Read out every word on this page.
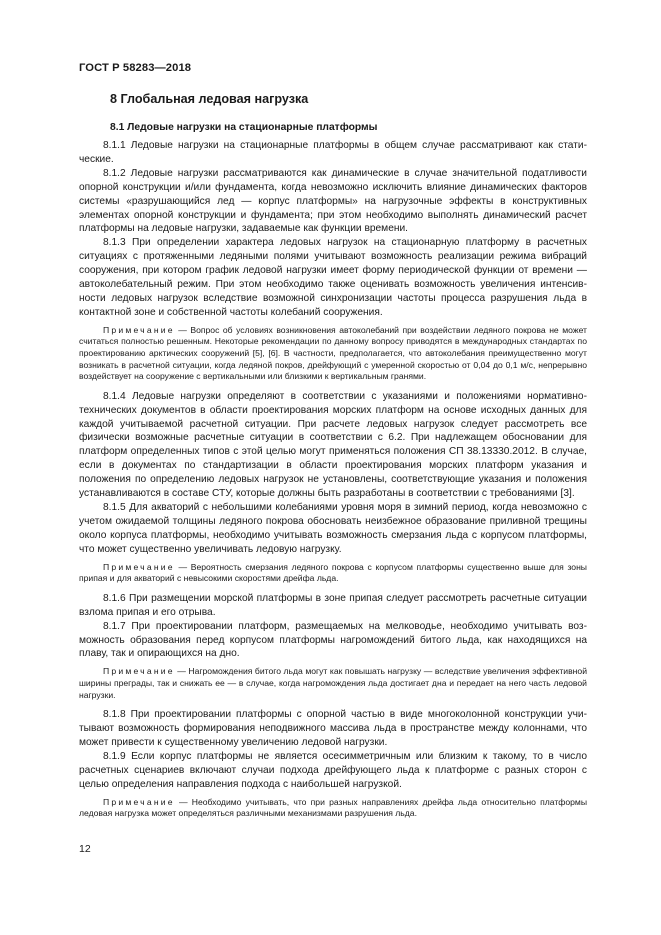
ГОСТ Р 58283—2018
8 Глобальная ледовая нагрузка
8.1 Ледовые нагрузки на стационарные платформы

8.1.1 Ледовые нагрузки на стационарные платформы в общем случае рассматривают как статические.

8.1.2 Ледовые нагрузки рассматриваются как динамические в случае значительной податливости опорной конструкции и/или фундамента, когда невозможно исключить влияние динамических факторов системы «разрушающийся лед — корпус платформы» на нагрузочные эффекты в конструктивных элементах опорной конструкции и фундамента; при этом необходимо выполнять динамический расчет платформы на ледовые нагрузки, задаваемые как функции времени.

8.1.3 При определении характера ледовых нагрузок на стационарную платформу в расчетных ситуациях с протяженными ледяными полями учитывают возможность реализации режима вибраций сооружения, при котором график ледовой нагрузки имеет форму периодической функции от времени — автоколебательный режим. При этом необходимо также оценивать возможность увеличения интенсивности ледовых нагрузок вследствие возможной синхронизации частоты процесса разрушения льда в контактной зоне и собственной частоты колебаний сооружения.

Примечание — Вопрос об условиях возникновения автоколебаний при воздействии ледяного покрова не может считаться полностью решенным. Некоторые рекомендации по данному вопросу приводятся в международных стандартах по проектированию арктических сооружений [5], [6]. В частности, предполагается, что автоколебания преимущественно могут возникать в расчетной ситуации, когда ледяной покров, дрейфующий с умеренной скоростью от 0,04 до 0,1 м/с, непрерывно воздействует на сооружение с вертикальными или близкими к вертикальным гранями.

8.1.4 Ледовые нагрузки определяют в соответствии с указаниями и положениями нормативно-технических документов в области проектирования морских платформ на основе исходных данных для каждой учитываемой расчетной ситуации. При расчете ледовых нагрузок следует рассмотреть все физически возможные расчетные ситуации в соответствии с 6.2. При надлежащем обосновании для платформ определенных типов с этой целью могут применяться положения СП 38.13330.2012. В случае, если в документах по стандартизации в области проектирования морских платформ указания и положения по определению ледовых нагрузок не установлены, соответствующие указания и положения устанавливаются в составе СТУ, которые должны быть разработаны в соответствии с требованиями [3].

8.1.5 Для акваторий с небольшими колебаниями уровня моря в зимний период, когда невозможно с учетом ожидаемой толщины ледяного покрова обосновать неизбежное образование приливной трещины около корпуса платформы, необходимо учитывать возможность смерзания льда с корпусом платформы, что может существенно увеличивать ледовую нагрузку.

Примечание — Вероятность смерзания ледяного покрова с корпусом платформы существенно выше для зоны припая и для акваторий с невысокими скоростями дрейфа льда.

8.1.6 При размещении морской платформы в зоне припая следует рассмотреть расчетные ситуации взлома припая и его отрыва.

8.1.7 При проектировании платформ, размещаемых на мелководье, необходимо учитывать возможность образования перед корпусом платформы нагромождений битого льда, как находящихся на плаву, так и опирающихся на дно.

Примечание — Нагромождения битого льда могут как повышать нагрузку — вследствие увеличения эффективной ширины преграды, так и снижать ее — в случае, когда нагромождения льда достигает дна и передает на него часть ледовой нагрузки.

8.1.8 При проектировании платформы с опорной частью в виде многоколонной конструкции учитывают возможность формирования неподвижного массива льда в пространстве между колоннами, что может привести к существенному увеличению ледовой нагрузки.

8.1.9 Если корпус платформы не является осесимметричным или близким к такому, то в число расчетных сценариев включают случаи подхода дрейфующего льда к платформе с разных сторон с целью определения направления подхода с наибольшей нагрузкой.

Примечание — Необходимо учитывать, что при разных направлениях дрейфа льда относительно платформы ледовая нагрузка может определяться различными механизмами разрушения льда.

12
